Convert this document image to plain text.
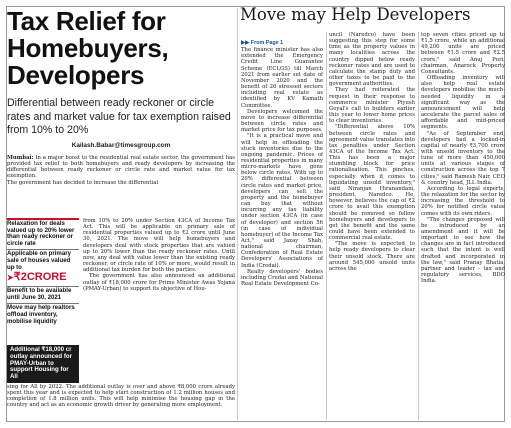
Tax Relief for Homebuyers, Developers
Differential between ready reckoner or circle rates and market value for tax exemption raised from 10% to 20%
Kailash.Babar@timesgroup.com
Mumbai: In a major boost to the residential real estate sector, the government has provided tax relief to both homebuyers and ready developers by increasing the differential between ready reckoner or circle rate and market value for tax exemption.
The government has decided to increase the differential
Relaxation for deals valued up to 20% lower than ready reckoner or circle rate
Applicable on primary sale of houses valued up to
➤₹2CRORE
Benefit to be available until June 30, 2021
Move may help realtors offload inventory, mobilise liquidity
Additional ₹18,000 cr outlay announced for PMAY-Urban to support Housing for All

from 10% to 20% under Section 43CA of Income Tax Act. This will be applicable on primary sale of residential properties valued up to ₹2 crore until June 30, 2021. The move will help homebuyers and developers deal with stock properties that are valued up to 20% lower than the ready reckoner rates. Until now, any deal with value lower than the existing ready reckoner, or circle rate of 10% or more, would result in additional tax burden for both the parties.

The government has also announced an additional outlay of ₹18,000 crore for Prime Minister Awas Yojana (PMAY-Urban) to support its objective of Hou-

sing for All by 2022. The additional outlay is over and above ₹8,000 crore already spent this year and is expected to help start construction of 1.2 million houses and completion of 1.8 million units. This will help minimise the housing gap in the country and act as an economic growth driver by generating more employment.

Move may Help Developers
▶▶ From Page 1

The finance minister has also extended the Emergency Credit Line Guarantee Scheme (ECLGS) till March 2021 from earlier set date of November 2020 and the benefit of 26 stressed sectors including real estate as identified by KV Kamath Committee.

Developers welcomed the move to increase differential between circle rates and market price for tax purposes.

"It is a practical move and will help in offloading the stuck inventories due to the ongoing pandemic. Prices of residential properties in many micro-markets have gone below circle rates. With up to 20% differential between circle rates and market price, developers can sell the property and the homebuyer can buy that without incurring any tax liability under section 43CA (in case of developer) and section 56 (in case of individual homebuyer) of the Income Tax Act," said Jaxay Shah, national chairman, Confederation of Real Estate Developers' Associations of India (Credai).

Realty developers' bodies including Credai and National Real Estate Development Co-

uncil (Naredco) have been suggesting this step for some time as the property values in many localities across the country dipped below ready reckoner rates and are used to calculate the stamp duty and other taxes to be paid to the government authorities.

They had reiterated the request in their response to commerce minister Piyush Goyal's call to builders earlier this year to lower home prices to clear inventories.

"Differential above 10% between circle rates and agreement value translates into tax penalties under Section 43CA of the Income Tax Act. This has been a major stumbling block for price rationalisation. This pinches, especially when it comes to liquidating unsold inventory," said Niranjan Hiranandani, president, Naredco. He, however, believes the cap of ₹2 crore to avail this exemption should be removed so fellow homebuyers and developers to get the benefit and the same could have been extended to commercial real estate.

"The move is expected to help ready developers to clear their unsold stock. There are around 545,000 unsold units across the

top seven cities priced up to ₹1.5 crore, while an additional 49,200 units are priced between ₹1.5 crore and ₹2.5 crore," said Anuj Puri, chairman, Anarock Property Consultants.

Offloading inventory will also help real estate developers mobilise the much-needed liquidity in a significant way as the announcement will help accelerate the parcel sales of affordable and mid-priced segments.

"As of September end, developers had a locked-in capital of nearly ₹3,700 crore with unsold inventory to the tune of more than 450,000 units at various stages of construction across the top 7 cities," said Ramesh Nair, CEO & country head, JLL India.

According to legal experts, the relaxation for the sector by increasing the threshold to 20% for notified circle value comes with its own riders.

"The changes proposed will be introduced by an amendment and it will be important to see how the changes are in fact introduced such that the intent is well drafted and incorporated in the law," said Pranay Bhatia, partner and leader - tax and regulatory services, BDO India.
